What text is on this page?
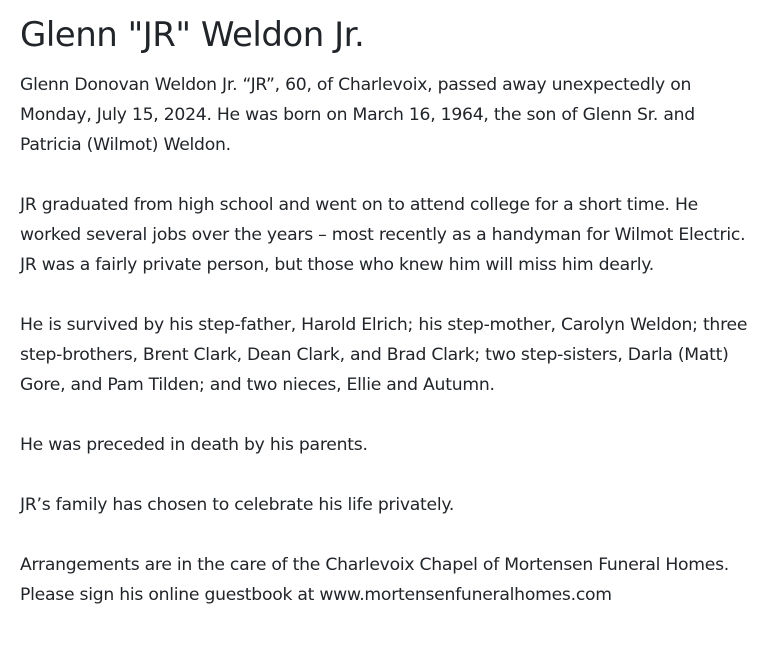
Glenn "JR" Weldon Jr.

Glenn Donovan Weldon Jr. “JR”, 60, of Charlevoix, passed away unexpectedly on Monday, July 15, 2024. He was born on March 16, 1964, the son of Glenn Sr. and Patricia (Wilmot) Weldon.

JR graduated from high school and went on to attend college for a short time. He worked several jobs over the years – most recently as a handyman for Wilmot Electric. JR was a fairly private person, but those who knew him will miss him dearly.

He is survived by his step-father, Harold Elrich; his step-mother, Carolyn Weldon; three step-brothers, Brent Clark, Dean Clark, and Brad Clark; two step-sisters, Darla (Matt) Gore, and Pam Tilden; and two nieces, Ellie and Autumn.

He was preceded in death by his parents.

JR’s family has chosen to celebrate his life privately.

Arrangements are in the care of the Charlevoix Chapel of Mortensen Funeral Homes. Please sign his online guestbook at www.mortensenfuneralhomes.com
